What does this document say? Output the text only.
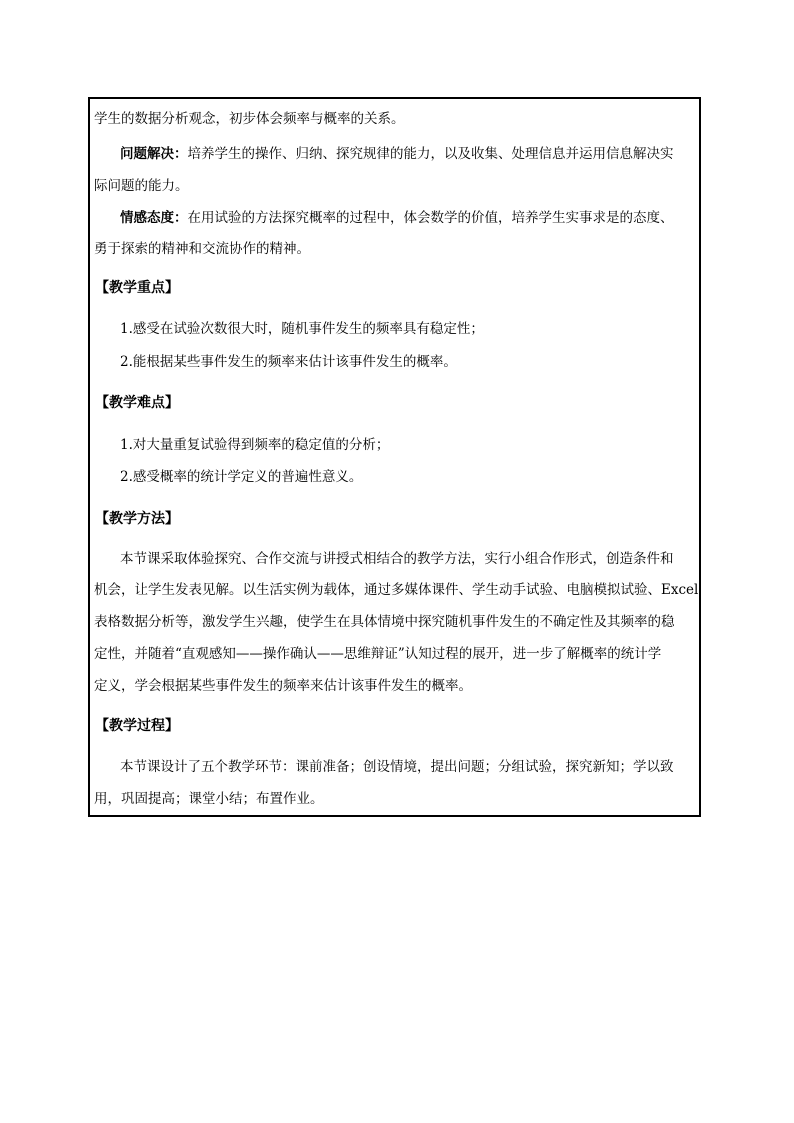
学生的数据分析观念，初步体会频率与概率的关系。
问题解决：培养学生的操作、归纳、探究规律的能力，以及收集、处理信息并运用信息解决实
际问题的能力。
情感态度：在用试验的方法探究概率的过程中，体会数学的价值，培养学生实事求是的态度、
勇于探索的精神和交流协作的精神。
【教学重点】
1.感受在试验次数很大时，随机事件发生的频率具有稳定性；
2.能根据某些事件发生的频率来估计该事件发生的概率。
【教学难点】
1.对大量重复试验得到频率的稳定值的分析；
2.感受概率的统计学定义的普遍性意义。
【教学方法】
本节课采取体验探究、合作交流与讲授式相结合的教学方法，实行小组合作形式，创造条件和
机会，让学生发表见解。以生活实例为载体，通过多媒体课件、学生动手试验、电脑模拟试验、Excel
表格数据分析等，激发学生兴趣，使学生在具体情境中探究随机事件发生的不确定性及其频率的稳
定性，并随着“直观感知——操作确认——思维辩证”认知过程的展开，进一步了解概率的统计学
定义，学会根据某些事件发生的频率来估计该事件发生的概率。
【教学过程】
本节课设计了五个教学环节：课前准备；创设情境，提出问题；分组试验，探究新知；学以致
用，巩固提高；课堂小结；布置作业。
